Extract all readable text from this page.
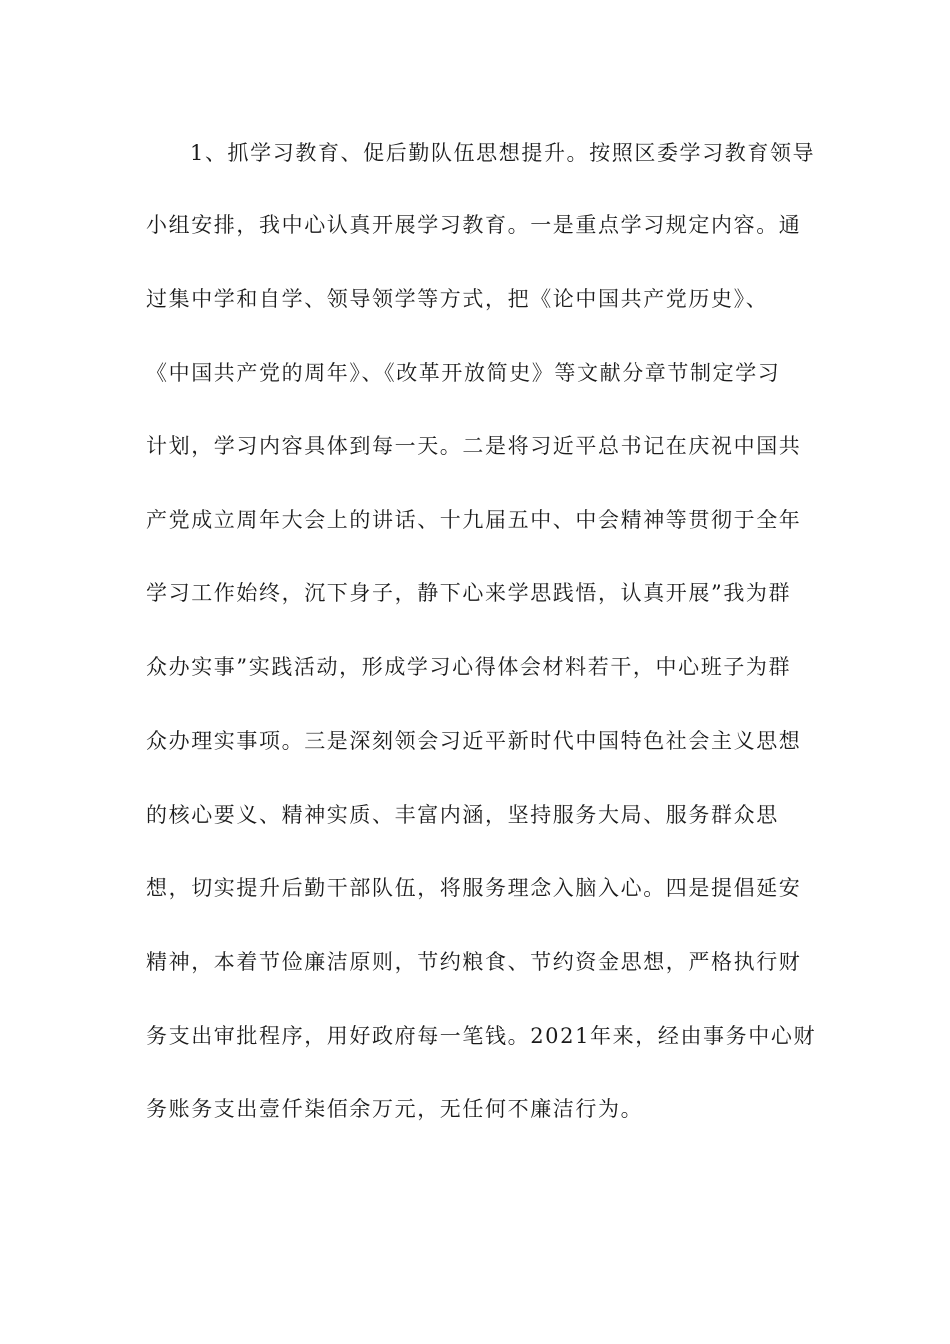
1、抓学习教育、促后勤队伍思想提升。按照区委学习教育领导
小组安排，我中心认真开展学习教育。一是重点学习规定内容。通
过集中学和自学、领导领学等方式，把《论中国共产党历史》、
《中国共产党的周年》、《改革开放简史》等文献分章节制定学习
计划，学习内容具体到每一天。二是将习近平总书记在庆祝中国共
产党成立周年大会上的讲话、十九届五中、中会精神等贯彻于全年
学习工作始终，沉下身子，静下心来学思践悟，认真开展”我为群
众办实事”实践活动，形成学习心得体会材料若干，中心班子为群
众办理实事项。三是深刻领会习近平新时代中国特色社会主义思想
的核心要义、精神实质、丰富内涵，坚持服务大局、服务群众思
想，切实提升后勤干部队伍，将服务理念入脑入心。四是提倡延安
精神，本着节俭廉洁原则，节约粮食、节约资金思想，严格执行财
务支出审批程序，用好政府每一笔钱。2021年来，经由事务中心财
务账务支出壹仟柒佰余万元，无任何不廉洁行为。
